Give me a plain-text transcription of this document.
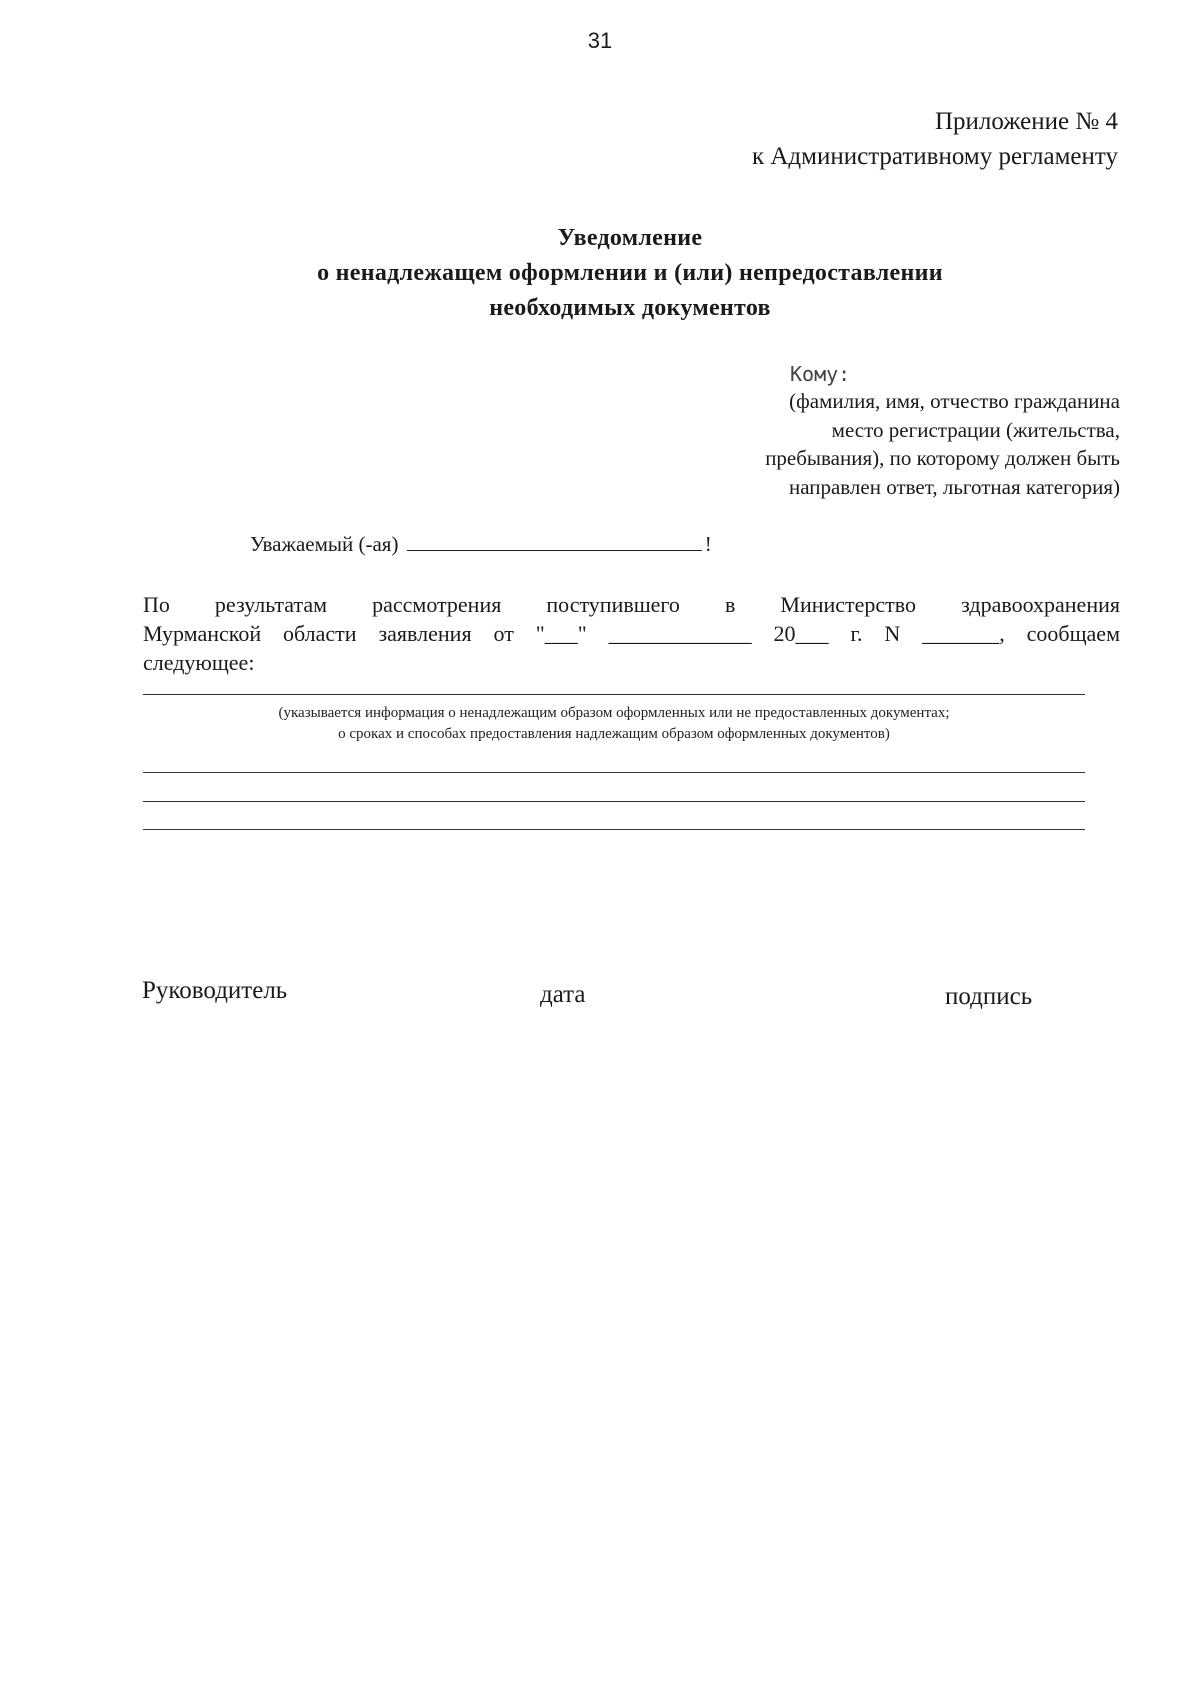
31
Приложение № 4
к Административному регламенту
Уведомление
о ненадлежащем оформлении и (или) непредоставлении
необходимых документов
Кому:
(фамилия, имя, отчество гражданина
место регистрации (жительства,
пребывания), по которому должен быть
направлен ответ, льготная категория)
Уважаемый (-ая)	!
По результатам рассмотрения поступившего в Министерство здравоохранения
Мурманской области заявления от "___" _____________ 20___ г. N _______, сообщаем
следующее:
(указывается информация о ненадлежащим образом оформленных или не предоставленных документах;
о сроках и способах предоставления надлежащим образом оформленных документов)
Руководитель	дата	подпись
